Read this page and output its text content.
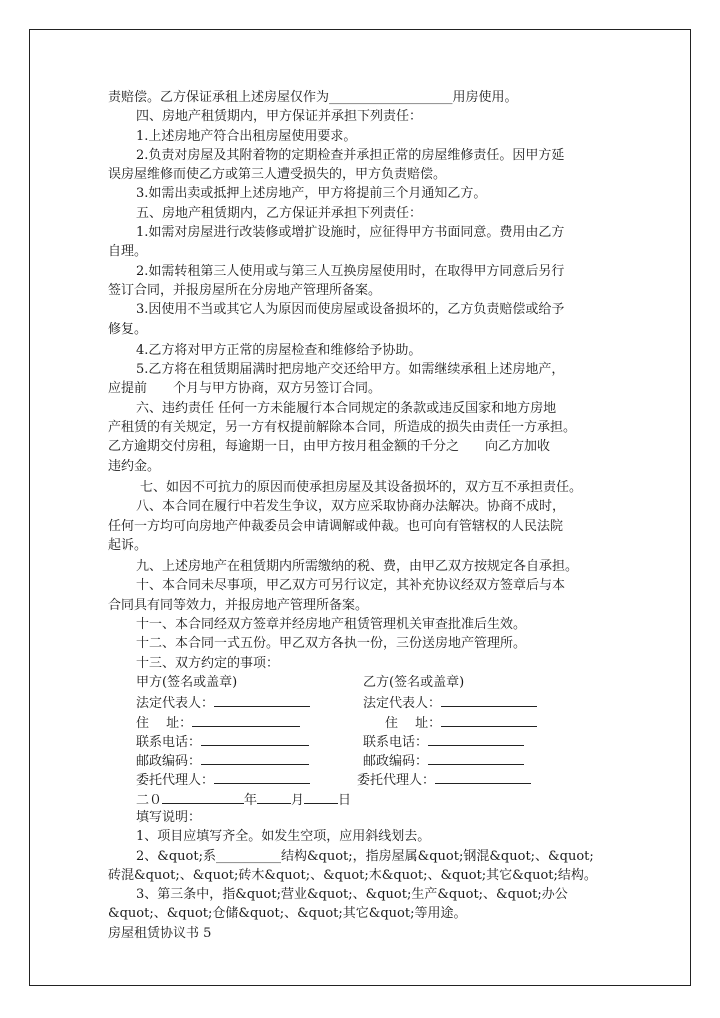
责赔偿。乙方保证承租上述房屋仅作为___________________用房使用。
四、房地产租赁期内，甲方保证并承担下列责任：
1.上述房地产符合出租房屋使用要求。
2.负责对房屋及其附着物的定期检查并承担正常的房屋维修责任。因甲方延
误房屋维修而使乙方或第三人遭受损失的，甲方负责赔偿。
3.如需出卖或抵押上述房地产，甲方将提前三个月通知乙方。
五、房地产租赁期内，乙方保证并承担下列责任：
1.如需对房屋进行改装修或增扩设施时，应征得甲方书面同意。费用由乙方
自理。
2.如需转租第三人使用或与第三人互换房屋使用时，在取得甲方同意后另行
签订合同，并报房屋所在分房地产管理所备案。
3.因使用不当或其它人为原因而使房屋或设备损坏的，乙方负责赔偿或给予
修复。
4.乙方将对甲方正常的房屋检查和维修给予协助。
5.乙方将在租赁期届满时把房地产交还给甲方。如需继续承租上述房地产，
应提前　　个月与甲方协商，双方另签订合同。
六、违约责任 任何一方未能履行本合同规定的条款或违反国家和地方房地
产租赁的有关规定，另一方有权提前解除本合同，所造成的损失由责任一方承担。
乙方逾期交付房租，每逾期一日，由甲方按月租金额的千分之　　向乙方加收
违约金。
七、如因不可抗力的原因而使承担房屋及其设备损坏的，双方互不承担责任。
八、本合同在履行中若发生争议，双方应采取协商办法解决。协商不成时，
任何一方均可向房地产仲裁委员会申请调解或仲裁。也可向有管辖权的人民法院
起诉。
九、上述房地产在租赁期内所需缴纳的税、费，由甲乙双方按规定各自承担。
十、本合同未尽事项，甲乙双方可另行议定，其补充协议经双方签章后与本
合同具有同等效力，并报房地产管理所备案。
十一、本合同经双方签章并经房地产租赁管理机关审查批准后生效。
十二、本合同一式五份。甲乙双方各执一份，三份送房地产管理所。
十三、双方约定的事项：
甲方(签名或盖章)	乙方(签名或盖章)
法定代表人：	法定代表人：
住　 址：	住　 址：
联系电话：	联系电话：
邮政编码：	邮政编码：
委托代理人：	委托代理人：
二０	年	月	日
填写说明：
1、项目应填写齐全。如发生空项，应用斜线划去。
2、&quot;系__________结构&quot;，指房屋属&quot;钢混&quot;、&quot;
砖混&quot;、&quot;砖木&quot;、&quot;木&quot;、&quot;其它&quot;结构。
3、第三条中，指&quot;营业&quot;、&quot;生产&quot;、&quot;办公
&quot;、&quot;仓储&quot;、&quot;其它&quot;等用途。
房屋租赁协议书 5
